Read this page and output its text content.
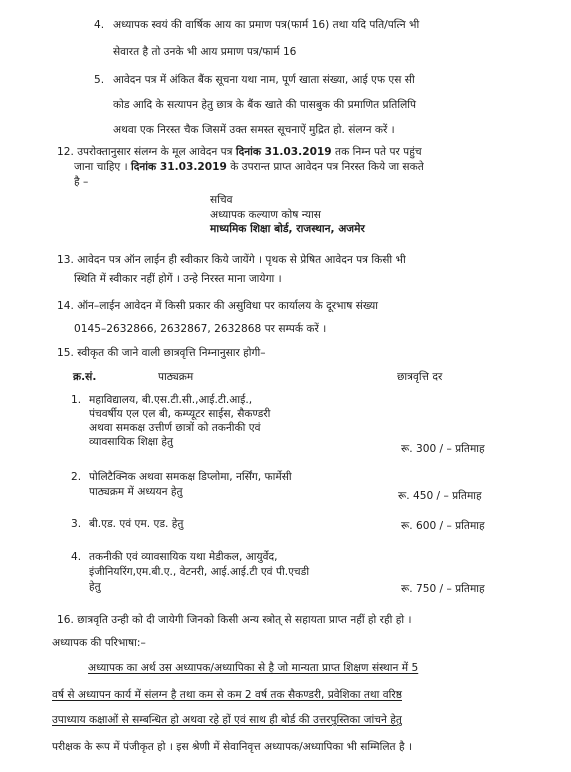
4. अध्यापक स्वयं की वार्षिक आय का प्रमाण पत्र(फार्म 16) तथा यदि पति/पत्नि भी
सेवारत है तो उनके भी आय प्रमाण पत्र/फार्म 16
5. आवेदन पत्र में अंकित बैंक सूचना यथा नाम, पूर्ण खाता संख्या, आई एफ एस सी
कोड आदि के सत्यापन हेतु छात्र के बैंक खाते की पासबुक की प्रमाणित प्रतिलिपि
अथवा एक निरस्त चैक जिसमें उक्त समस्त सूचनाऐं मुद्रित हो. संलग्न करें ।
12. उपरोक्तानुसार संलग्न के मूल आवेदन पत्र दिनांक 31.03.2019 तक निम्न पते पर पहुंच
जाना चाहिए । दिनांक 31.03.2019 के उपरान्त प्राप्त आवेदन पत्र निरस्त किये जा सकते
है –
सचिव
अध्यापक कल्याण कोष न्यास
माध्यमिक शिक्षा बोर्ड, राजस्थान, अजमेर
13. आवेदन पत्र ऑन लाईन ही स्वीकार किये जायेंगे । पृथक से प्रेषित आवेदन पत्र किसी भी
स्थिति में स्वीकार नहीं होगें । उन्हे निरस्त माना जायेगा ।
14. ऑन–लाईन आवेदन में किसी प्रकार की असुविधा पर कार्यालय के दूरभाष संख्या
0145–2632866, 2632867, 2632868 पर सम्पर्क करें ।
15. स्वीकृत की जाने वाली छात्रवृत्ति निम्नानुसार होगी–
क्र.सं.	पाठ्यक्रम	छात्रवृत्ति दर
1. महाविद्यालय, बी.एस.टी.सी.,आई.टी.आई.,
पंचवर्षीय एल एल बी, कम्प्यूटर साईस, सैकण्डरी
अथवा समकक्ष उत्तीर्ण छात्रों को तकनीकी एवं
व्यावसायिक शिक्षा हेतु
रू. 300 / – प्रतिमाह
2. पोलिटैक्निक अथवा समकक्ष डिप्लोमा, नर्सिंग, फार्मेसी
पाठ्यक्रम में अध्ययन हेतु	रू. 450 / – प्रतिमाह
3. बी.एड. एवं एम. एड. हेतु	रू. 600 / – प्रतिमाह
4. तकनीकी एवं व्यावसायिक यथा मेडीकल, आयुर्वेद,
इंजीनियरिंग,एम.बी.ए., वेटनरी, आई.आई.टी एवं पी.एचडी
हेतु	रू. 750 / – प्रतिमाह
16. छात्रवृति उन्ही को दी जायेगी जिनको किसी अन्य स्त्रोत् से सहायता प्राप्त नहीं हो रही हो ।
अध्यापक की परिभाषा:–
अध्यापक का अर्थ उस अध्यापक/अध्यापिका से है जो मान्यता प्राप्त शिक्षण संस्थान में 5
वर्ष से अध्यापन कार्य में संलग्न है तथा कम से कम 2 वर्ष तक सैकण्डरी, प्रवेशिका तथा वरिष्ठ
उपाध्याय कक्षाओं से सम्बन्धित हो अथवा रहे हों एवं साथ ही बोर्ड की उत्तरपुस्तिका जांचने हेतु
परीक्षक के रूप में पंजीकृत हो । इस श्रेणी में सेवानिवृत्त अध्यापक/अध्यापिका भी सम्मिलित है ।
